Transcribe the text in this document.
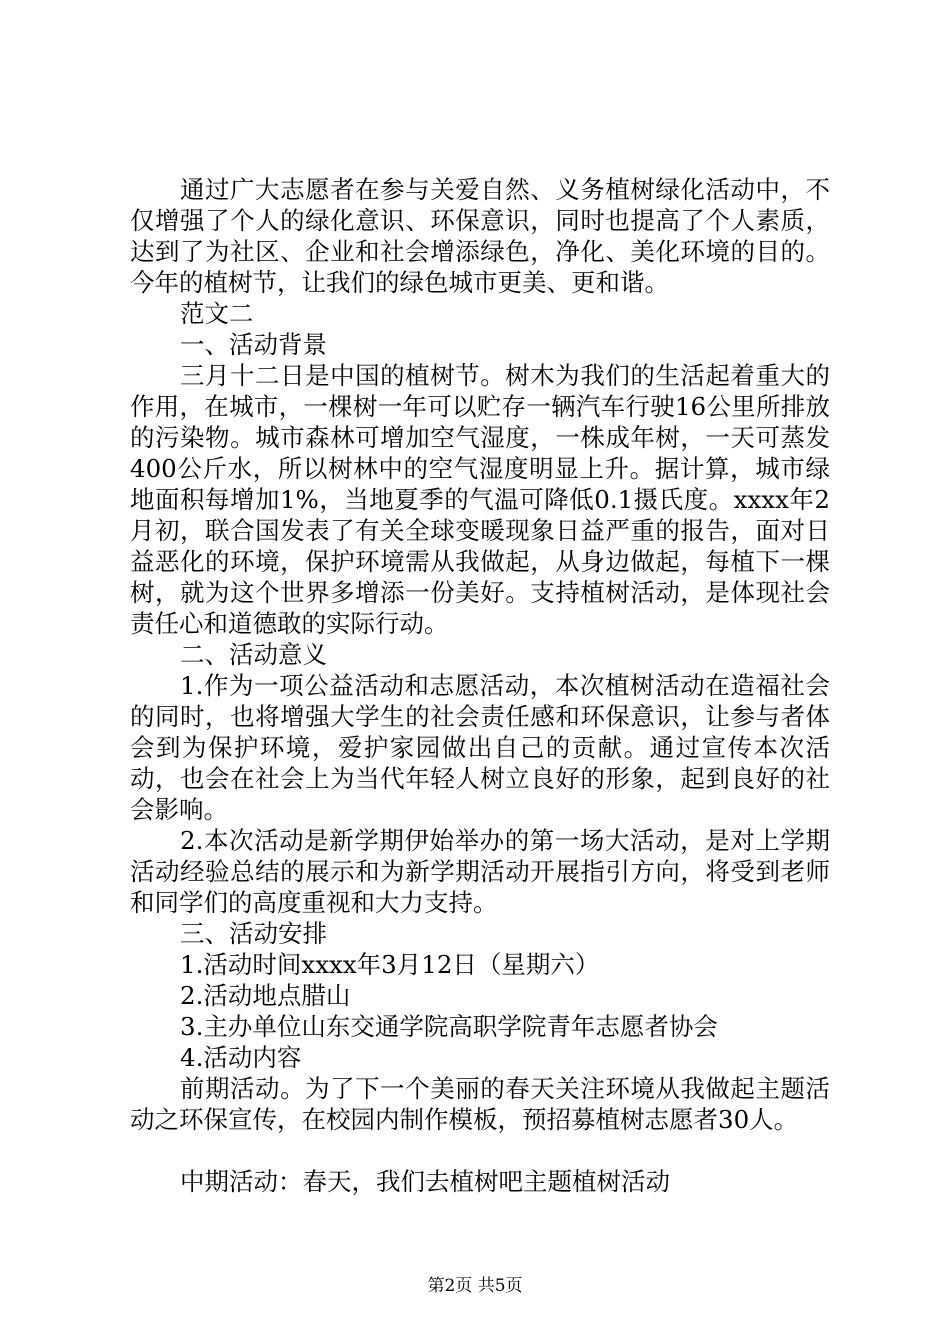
通过广大志愿者在参与关爱自然、义务植树绿化活动中，不仅增强了个人的绿化意识、环保意识，同时也提高了个人素质，达到了为社区、企业和社会增添绿色，净化、美化环境的目的。今年的植树节，让我们的绿色城市更美、更和谐。

范文二

一、活动背景

三月十二日是中国的植树节。树木为我们的生活起着重大的作用，在城市，一棵树一年可以贮存一辆汽车行驶16公里所排放的污染物。城市森林可增加空气湿度，一株成年树，一天可蒸发400公斤水，所以树林中的空气湿度明显上升。据计算，城市绿地面积每增加1%，当地夏季的气温可降低0.1摄氏度。xxxx年2月初，联合国发表了有关全球变暖现象日益严重的报告，面对日益恶化的环境，保护环境需从我做起，从身边做起，每植下一棵树，就为这个世界多增添一份美好。支持植树活动，是体现社会责任心和道德敢的实际行动。

二、活动意义

1.作为一项公益活动和志愿活动，本次植树活动在造福社会的同时，也将增强大学生的社会责任感和环保意识，让参与者体会到为保护环境，爱护家园做出自己的贡献。通过宣传本次活动，也会在社会上为当代年轻人树立良好的形象，起到良好的社会影响。

2.本次活动是新学期伊始举办的第一场大活动，是对上学期活动经验总结的展示和为新学期活动开展指引方向，将受到老师和同学们的高度重视和大力支持。

三、活动安排

1.活动时间xxxx年3月12日（星期六）

2.活动地点腊山

3.主办单位山东交通学院高职学院青年志愿者协会

4.活动内容

前期活动。为了下一个美丽的春天关注环境从我做起主题活动之环保宣传，在校园内制作模板，预招募植树志愿者30人。

中期活动：春天，我们去植树吧主题植树活动

第2页 共5页
